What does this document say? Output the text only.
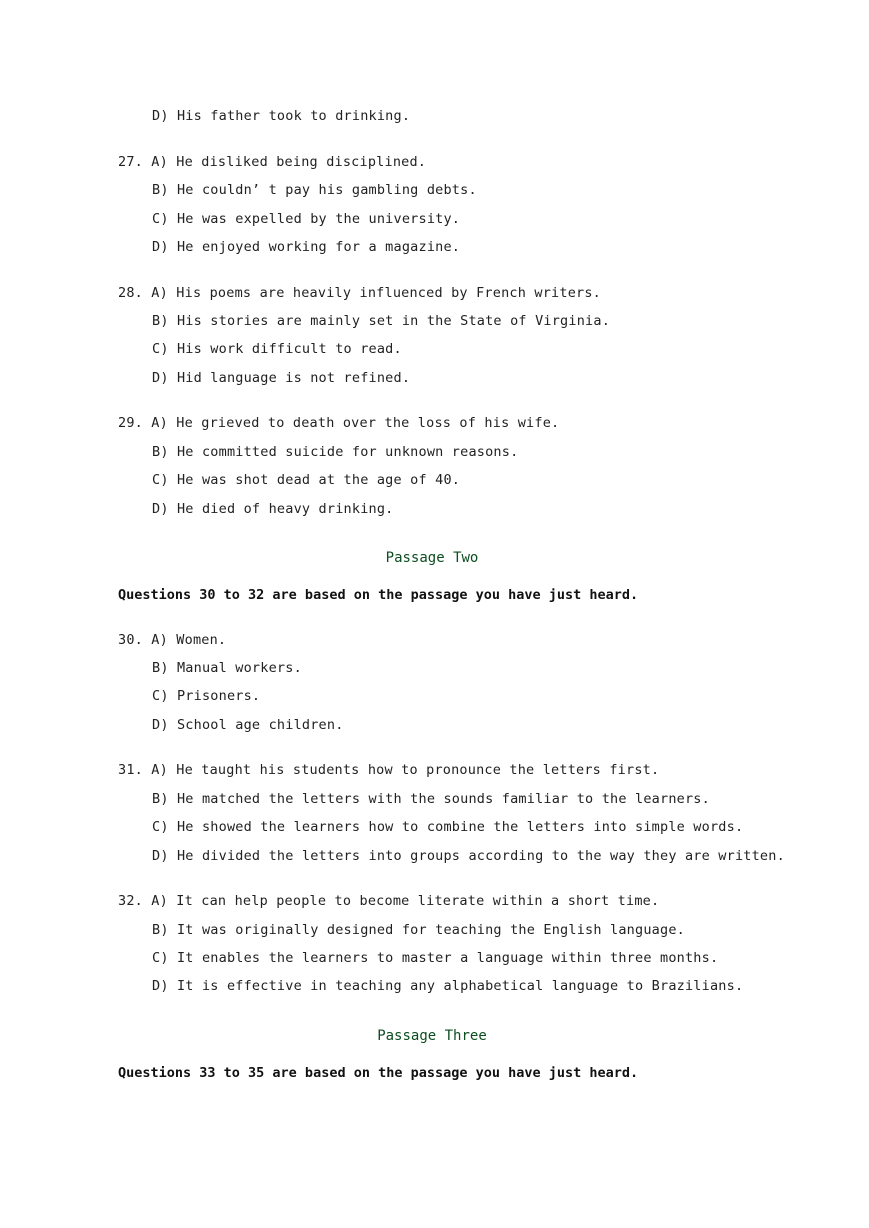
D) His father took to drinking.
27. A) He disliked being disciplined.
B) He couldn’ t pay his gambling debts.
C) He was expelled by the university.
D) He enjoyed working for a magazine.
28. A) His poems are heavily influenced by French writers.
B) His stories are mainly set in the State of Virginia.
C) His work difficult to read.
D) Hid language is not refined.
29. A) He grieved to death over the loss of his wife.
B) He committed suicide for unknown reasons.
C) He was shot dead at the age of 40.
D) He died of heavy drinking.
Passage Two
Questions 30 to 32 are based on the passage you have just heard.
30. A) Women.
B) Manual workers.
C) Prisoners.
D) School age children.
31. A) He taught his students how to pronounce the letters first.
B) He matched the letters with the sounds familiar to the learners.
C) He showed the learners how to combine the letters into simple words.
D) He divided the letters into groups according to the way they are written.
32. A) It can help people to become literate within a short time.
B) It was originally designed for teaching the English language.
C) It enables the learners to master a language within three months.
D) It is effective in teaching any alphabetical language to Brazilians.
Passage Three
Questions 33 to 35 are based on the passage you have just heard.
